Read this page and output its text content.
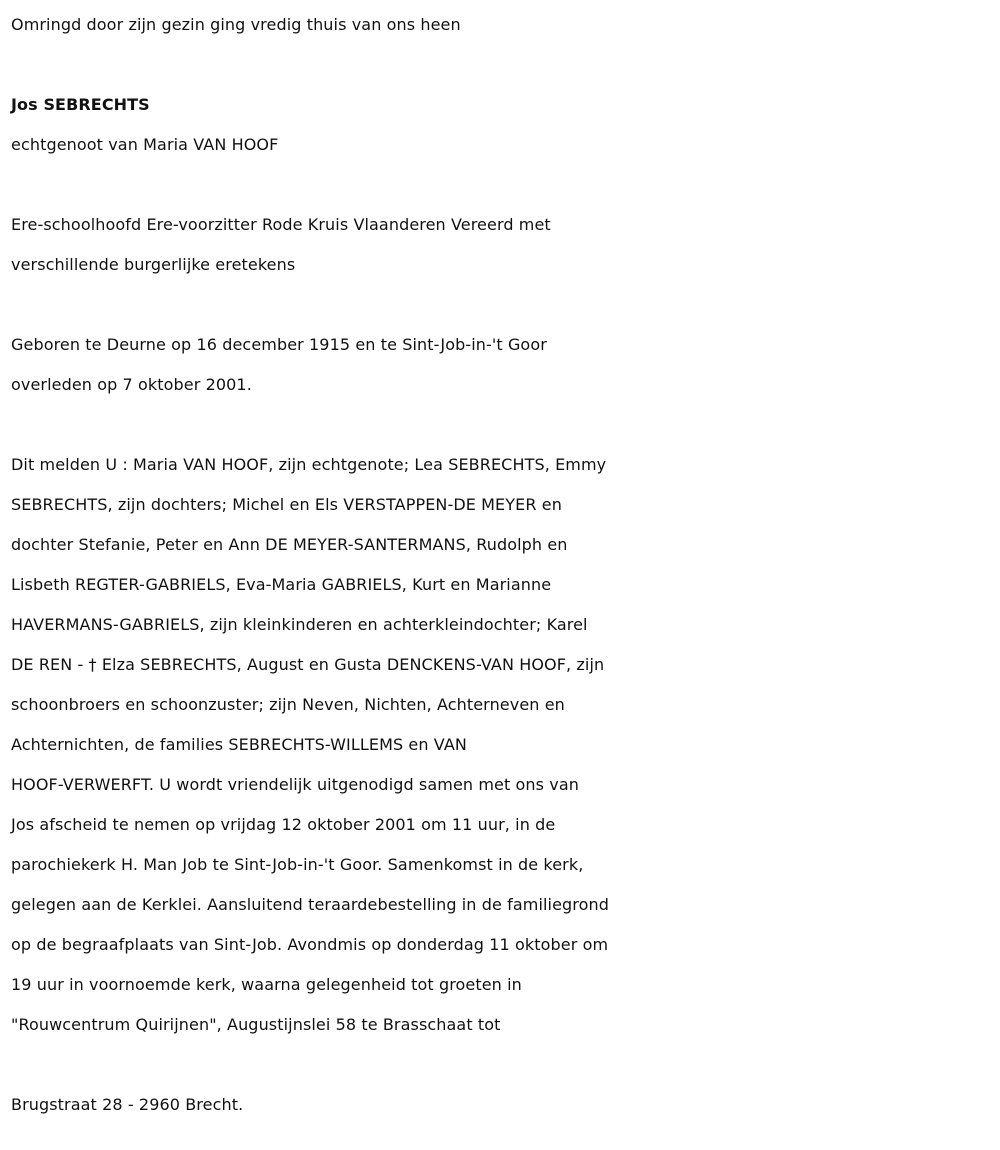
Omringd door zijn gezin ging vredig thuis van ons heen
Jos SEBRECHTS
echtgenoot van Maria VAN HOOF
Ere-schoolhoofd Ere-voorzitter Rode Kruis Vlaanderen Vereerd met
verschillende burgerlijke eretekens
Geboren te Deurne op 16 december 1915 en te Sint-Job-in-'t Goor
overleden op 7 oktober 2001.
Dit melden U : Maria VAN HOOF, zijn echtgenote; Lea SEBRECHTS, Emmy
SEBRECHTS, zijn dochters; Michel en Els VERSTAPPEN-DE MEYER en
dochter Stefanie, Peter en Ann DE MEYER-SANTERMANS, Rudolph en
Lisbeth REGTER-GABRIELS, Eva-Maria GABRIELS, Kurt en Marianne
HAVERMANS-GABRIELS, zijn kleinkinderen en achterkleindochter; Karel
DE REN - † Elza SEBRECHTS, August en Gusta DENCKENS-VAN HOOF, zijn
schoonbroers en schoonzuster; zijn Neven, Nichten, Achterneven en
Achternichten, de families SEBRECHTS-WILLEMS en VAN
HOOF-VERWERFT. U wordt vriendelijk uitgenodigd samen met ons van
Jos afscheid te nemen op vrijdag 12 oktober 2001 om 11 uur, in de
parochiekerk H. Man Job te Sint-Job-in-'t Goor. Samenkomst in de kerk,
gelegen aan de Kerklei. Aansluitend teraardebestelling in de familiegrond
op de begraafplaats van Sint-Job. Avondmis op donderdag 11 oktober om
19 uur in voornoemde kerk, waarna gelegenheid tot groeten in
"Rouwcentrum Quirijnen", Augustijnslei 58 te Brasschaat tot
Brugstraat 28 - 2960 Brecht.
